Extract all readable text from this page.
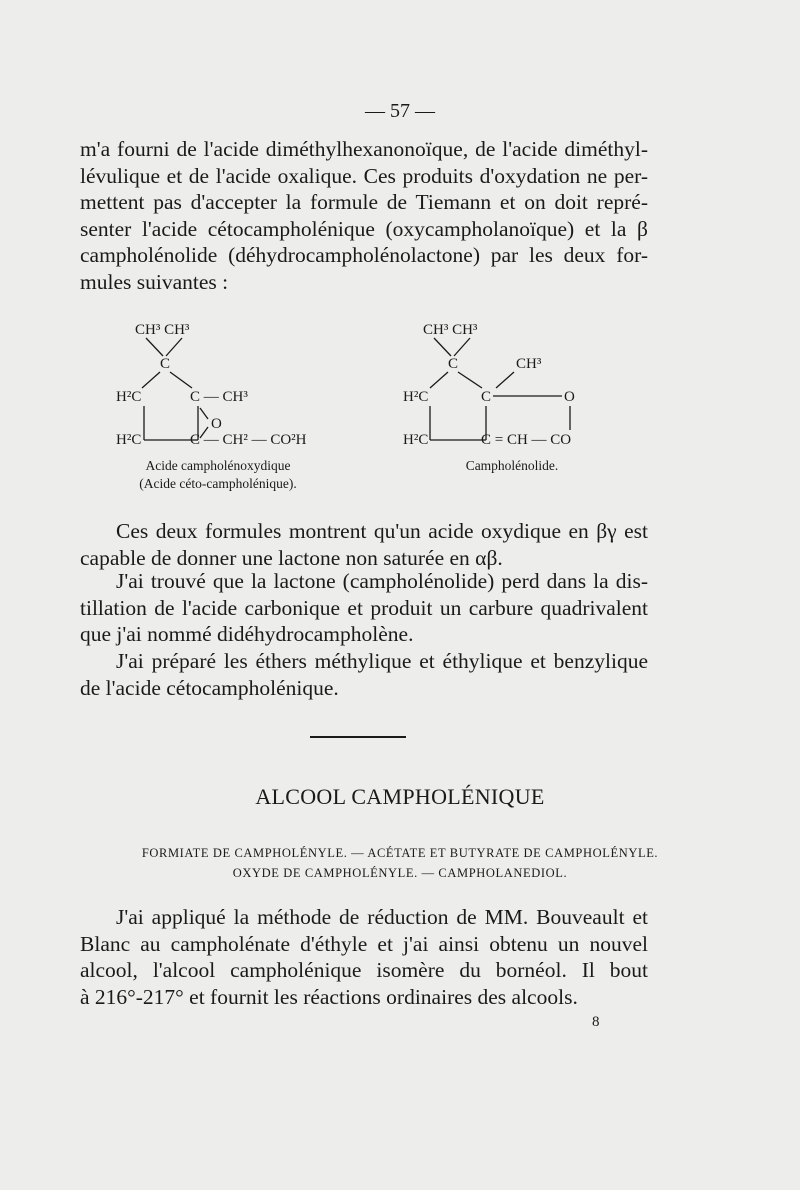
— 57 —
m'a fourni de l'acide diméthylhexanonoïque, de l'acide diméthyl-
lévulique et de l'acide oxalique. Ces produits d'oxydation ne per-
mettent pas d'accepter la formule de Tiemann et on doit repré-
senter l'acide cétocampholénique (oxycampholanoïque) et la β
campholénolide (déhydrocampholénolactone) par les deux for-
mules suivantes :
CH³ CH³
C
H²C	C — CH³
O
H²C	C — CH² — CO²H
Acide campholénoxydique
(Acide céto-campholénique).
CH³ CH³
C	CH³
H²C	C	O
H²C	C = CH — CO
Campholénolide.
Ces deux formules montrent qu'un acide oxydique en βγ est
capable de donner une lactone non saturée en αβ.
J'ai trouvé que la lactone (campholénolide) perd dans la dis-
tillation de l'acide carbonique et produit un carbure quadrivalent
que j'ai nommé didéhydrocampholène.
J'ai préparé les éthers méthylique et éthylique et benzylique
de l'acide cétocampholénique.
ALCOOL CAMPHOLÉNIQUE
FORMIATE DE CAMPHOLÉNYLE. — ACÉTATE ET BUTYRATE DE CAMPHOLÉNYLE.
OXYDE DE CAMPHOLÉNYLE. — CAMPHOLANEDIOL.
J'ai appliqué la méthode de réduction de MM. Bouveault et
Blanc au campholénate d'éthyle et j'ai ainsi obtenu un nouvel
alcool, l'alcool campholénique isomère du bornéol. Il bout
à 216°-217° et fournit les réactions ordinaires des alcools.
8
